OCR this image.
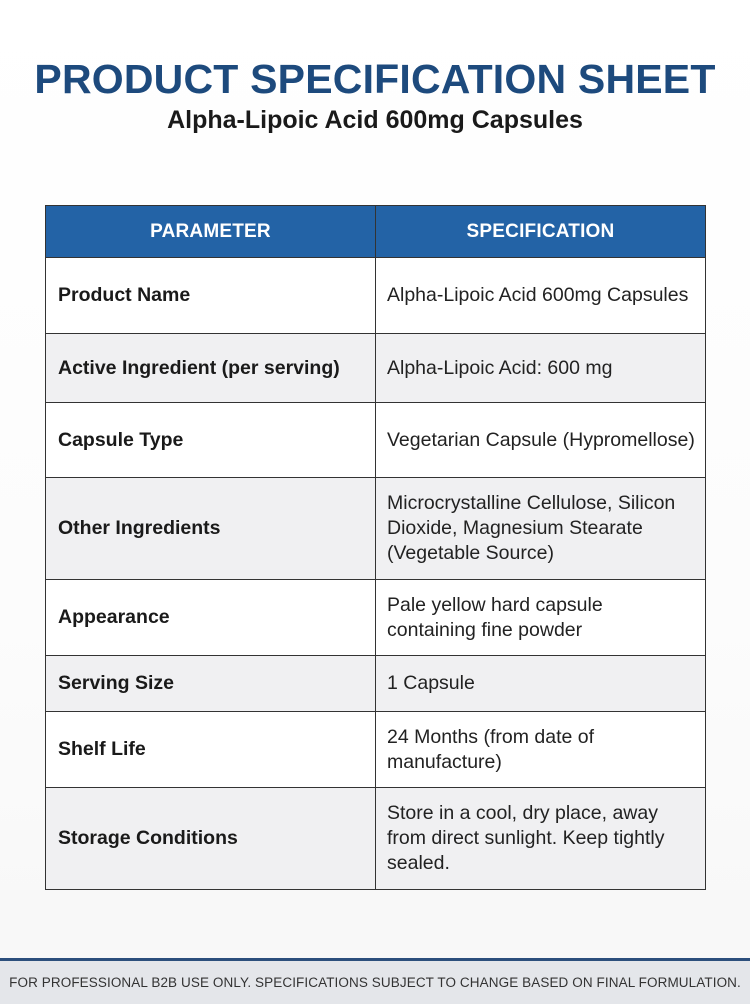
PRODUCT SPECIFICATION SHEET
Alpha-Lipoic Acid 600mg Capsules
PARAMETER	SPECIFICATION
Product Name	Alpha-Lipoic Acid 600mg Capsules
Active Ingredient (per serving)	Alpha-Lipoic Acid: 600 mg
Capsule Type	Vegetarian Capsule (Hypromellose)
Other Ingredients	Microcrystalline Cellulose, Silicon Dioxide, Magnesium Stearate (Vegetable Source)
Appearance	Pale yellow hard capsule containing fine powder
Serving Size	1 Capsule
Shelf Life	24 Months (from date of manufacture)
Storage Conditions	Store in a cool, dry place, away from direct sunlight. Keep tightly sealed.
FOR PROFESSIONAL B2B USE ONLY. SPECIFICATIONS SUBJECT TO CHANGE BASED ON FINAL FORMULATION.
